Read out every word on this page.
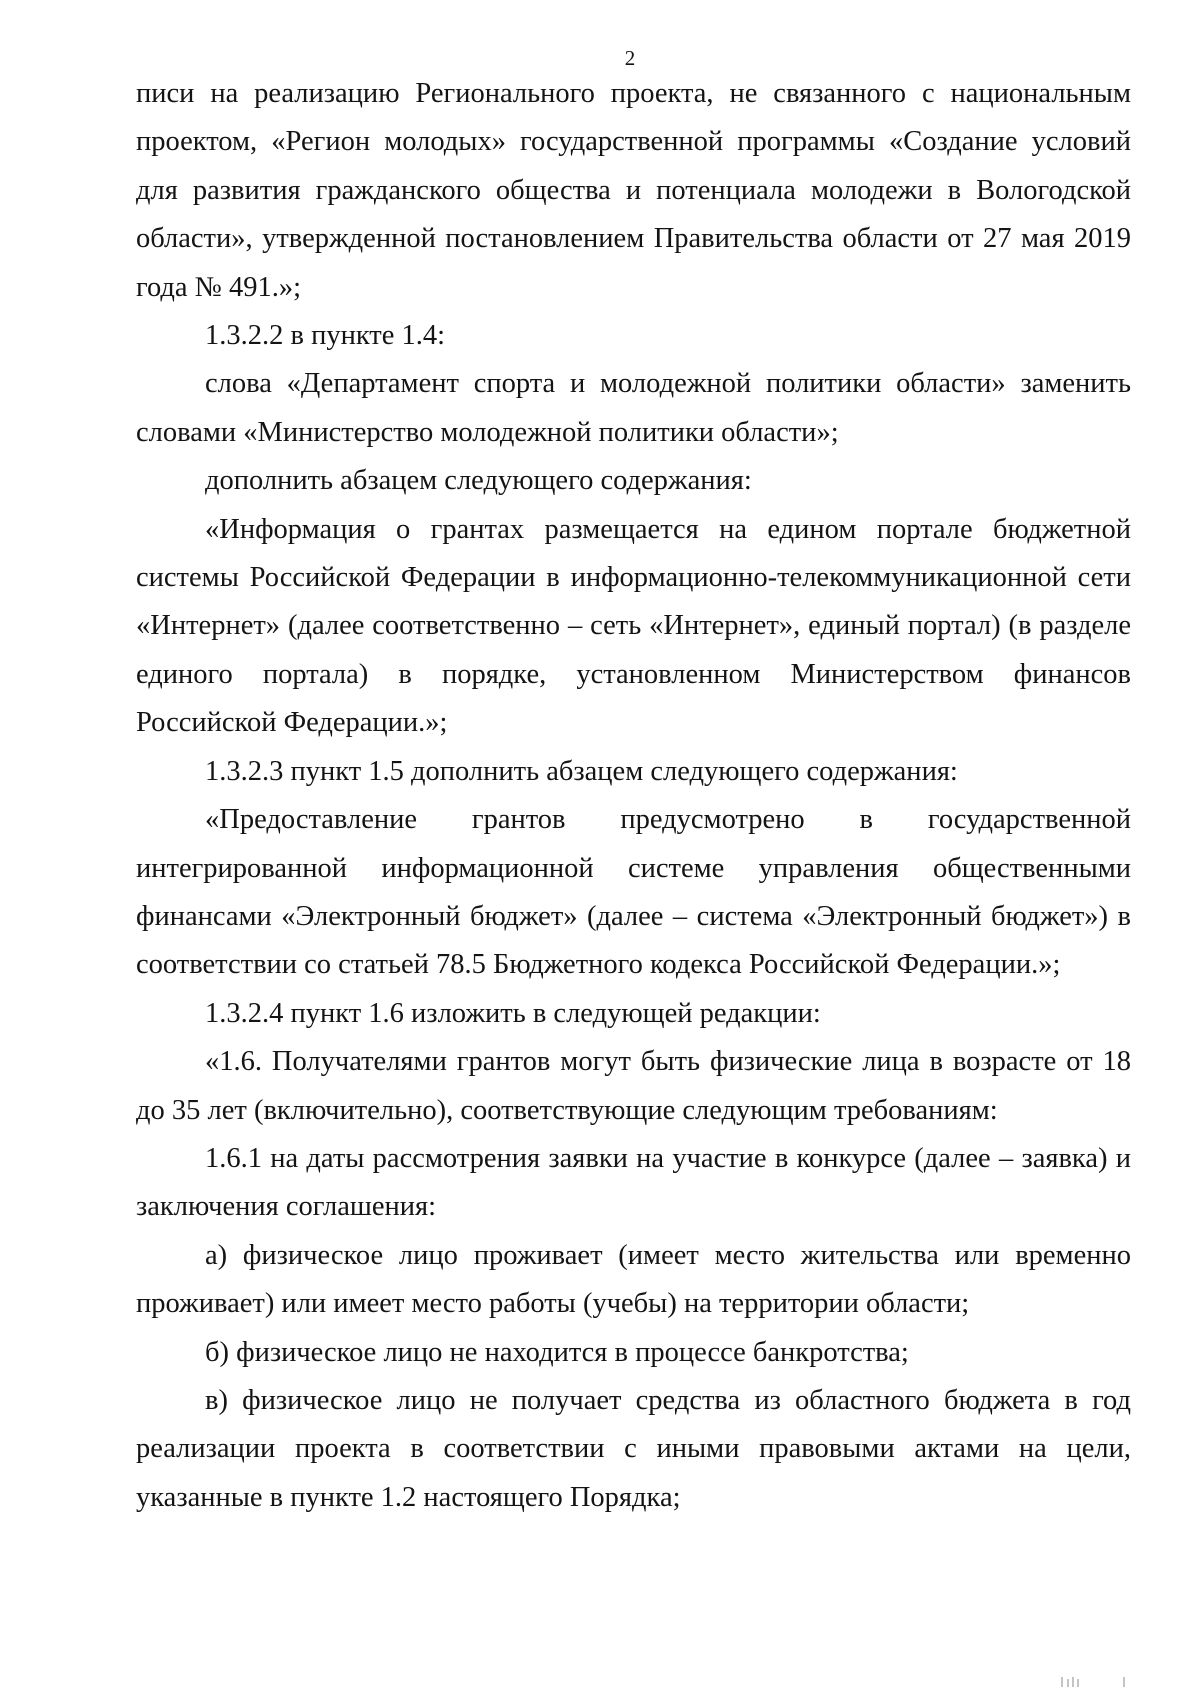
2

писи на реализацию Регионального проекта, не связанного с национальным проектом, «Регион молодых» государственной программы «Создание условий для развития гражданского общества и потенциала молодежи в Вологодской области», утвержденной постановлением Правительства области от 27 мая 2019 года № 491.»;

1.3.2.2 в пункте 1.4:

слова «Департамент спорта и молодежной политики области» заменить словами «Министерство молодежной политики области»;

дополнить абзацем следующего содержания:

«Информация о грантах размещается на едином портале бюджетной системы Российской Федерации в информационно-телекоммуникационной сети «Интернет» (далее соответственно – сеть «Интернет», единый портал) (в разделе единого портала) в порядке, установленном Министерством финансов Российской Федерации.»;

1.3.2.3 пункт 1.5 дополнить абзацем следующего содержания:

«Предоставление грантов предусмотрено в государственной интегрированной информационной системе управления общественными финансами «Электронный бюджет» (далее – система «Электронный бюджет») в соответствии со статьей 78.5 Бюджетного кодекса Российской Федерации.»;

1.3.2.4 пункт 1.6 изложить в следующей редакции:

«1.6. Получателями грантов могут быть физические лица в возрасте от 18 до 35 лет (включительно), соответствующие следующим требованиям:

1.6.1 на даты рассмотрения заявки на участие в конкурсе (далее – заявка) и заключения соглашения:

а) физическое лицо проживает (имеет место жительства или временно проживает) или имеет место работы (учебы) на территории области;

б) физическое лицо не находится в процессе банкротства;

в) физическое лицо не получает средства из областного бюджета в год реализации проекта в соответствии с иными правовыми актами на цели, указанные в пункте 1.2 настоящего Порядка;
